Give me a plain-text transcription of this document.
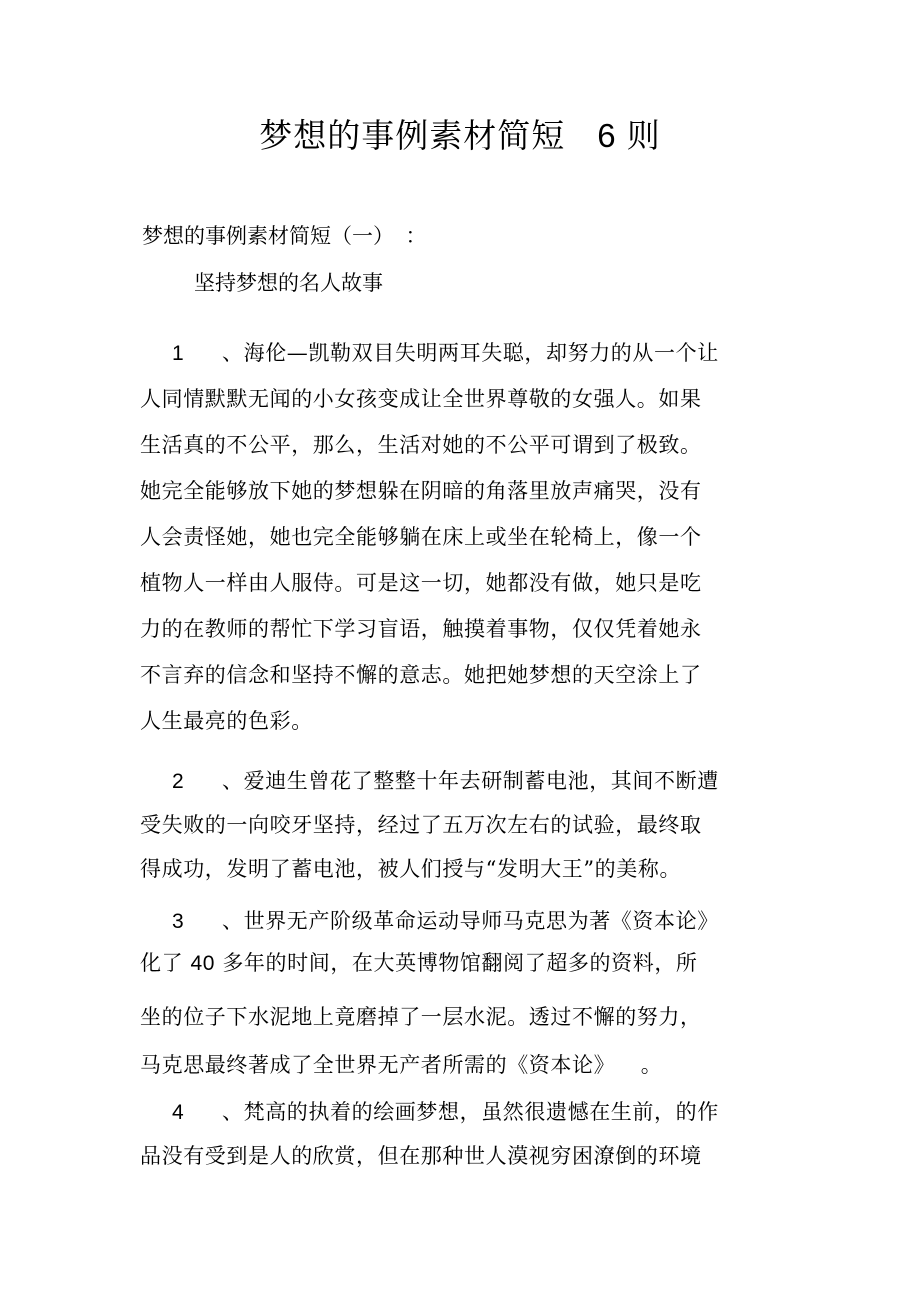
梦想的事例素材简短 6 则
梦想的事例素材简短（一） ：
坚持梦想的名人故事
1 、海伦—凯勒双目失明两耳失聪，却努力的从一个让
人同情默默无闻的小女孩变成让全世界尊敬的女强人。如果
生活真的不公平，那么，生活对她的不公平可谓到了极致。
她完全能够放下她的梦想躲在阴暗的角落里放声痛哭，没有
人会责怪她，她也完全能够躺在床上或坐在轮椅上，像一个
植物人一样由人服侍。可是这一切，她都没有做，她只是吃
力的在教师的帮忙下学习盲语，触摸着事物，仅仅凭着她永
不言弃的信念和坚持不懈的意志。她把她梦想的天空涂上了
人生最亮的色彩。
2 、爱迪生曾花了整整十年去研制蓄电池，其间不断遭
受失败的一向咬牙坚持，经过了五万次左右的试验，最终取
得成功，发明了蓄电池，被人们授与“发明大王”的美称。
3 、世界无产阶级革命运动导师马克思为著《资本论》
化了 40 多年的时间，在大英博物馆翻阅了超多的资料，所
坐的位子下水泥地上竟磨掉了一层水泥。透过不懈的努力，
马克思最终著成了全世界无产者所需的《资本论》 。
4 、梵高的执着的绘画梦想，虽然很遗憾在生前，的作
品没有受到是人的欣赏，但在那种世人漠视穷困潦倒的环境
